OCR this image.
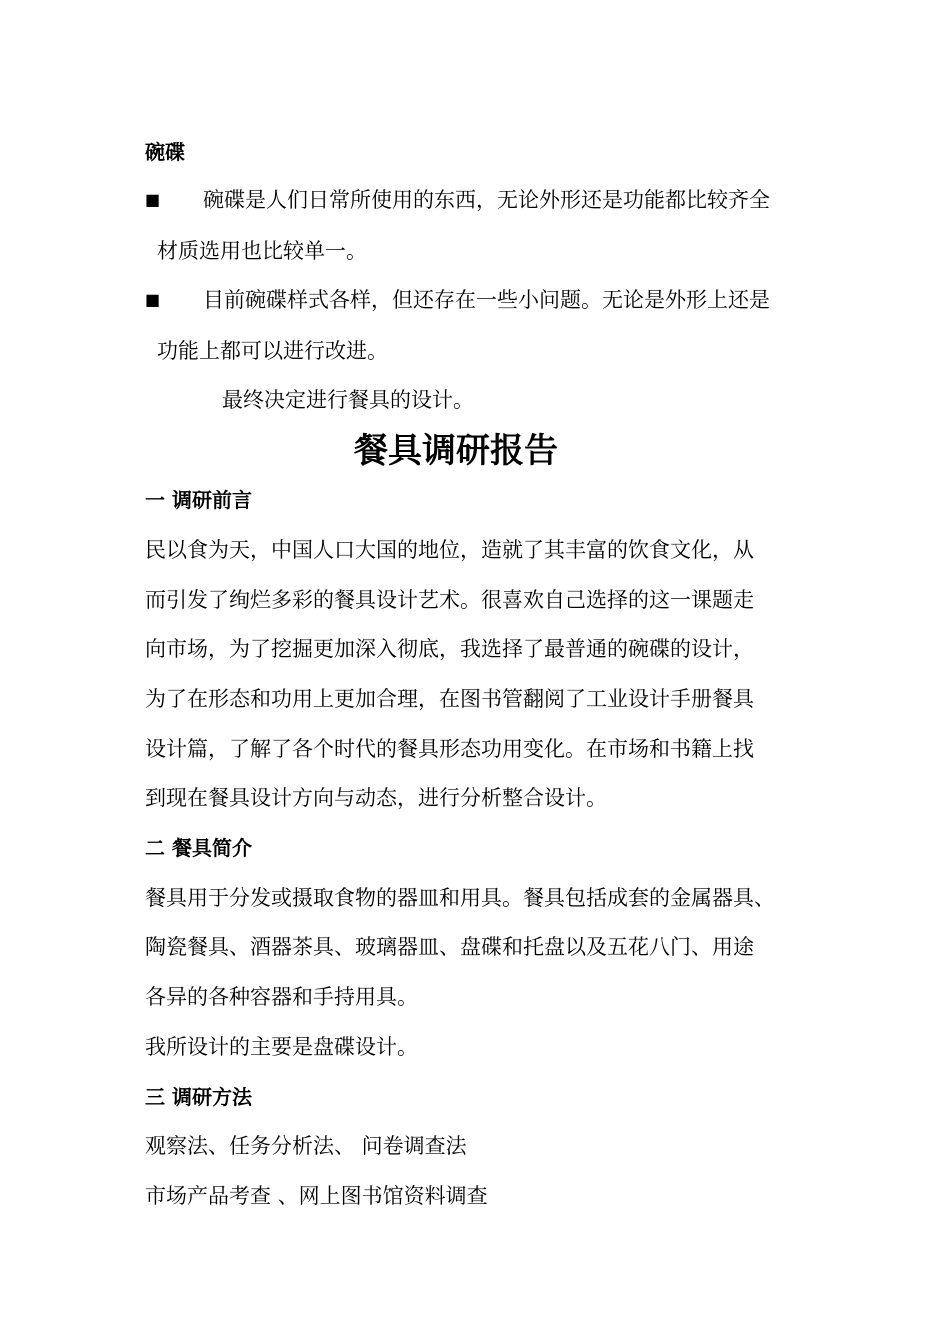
碗碟
■ 碗碟是人们日常所使用的东西，无论外形还是功能都比较齐全
材质选用也比较单一。
■ 目前碗碟样式各样，但还存在一些小问题。无论是外形上还是
功能上都可以进行改进。
最终决定进行餐具的设计。
餐具调研报告
一 调研前言
民以食为天，中国人口大国的地位，造就了其丰富的饮食文化，从
而引发了绚烂多彩的餐具设计艺术。很喜欢自己选择的这一课题走
向市场，为了挖掘更加深入彻底，我选择了最普通的碗碟的设计，
为了在形态和功用上更加合理，在图书管翻阅了工业设计手册餐具
设计篇，了解了各个时代的餐具形态功用变化。在市场和书籍上找
到现在餐具设计方向与动态，进行分析整合设计。
二 餐具简介
餐具用于分发或摄取食物的器皿和用具。餐具包括成套的金属器具、
陶瓷餐具、酒器茶具、玻璃器皿、盘碟和托盘以及五花八门、用途
各异的各种容器和手持用具。
我所设计的主要是盘碟设计。
三 调研方法
观察法、任务分析法、 问卷调查法
市场产品考查 、网上图书馆资料调查
